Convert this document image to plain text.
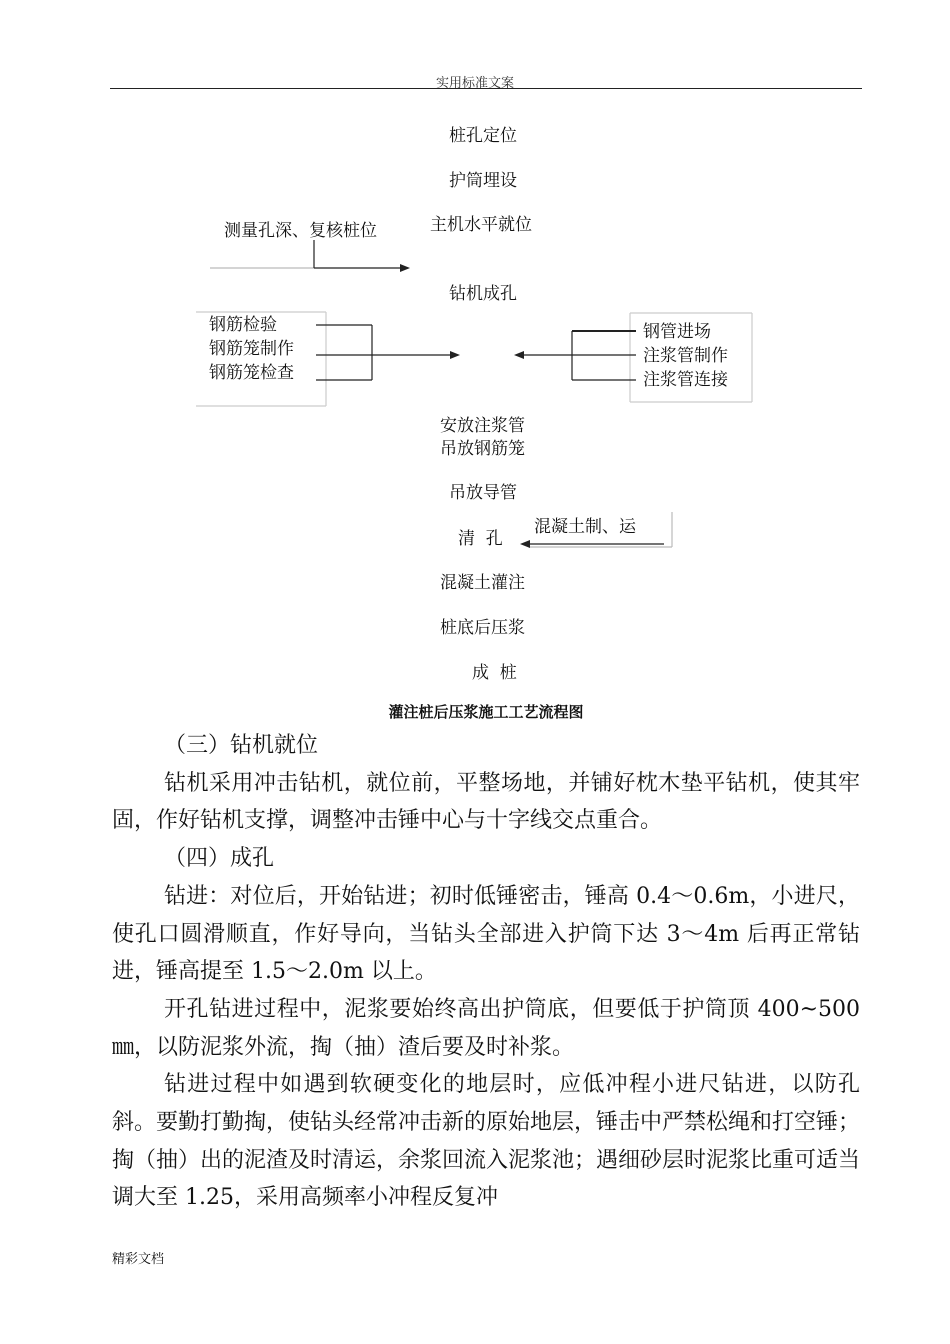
实用标准文案
桩孔定位
护筒埋设
主机水平就位
钻机成孔
安放注浆管
吊放钢筋笼
吊放导管
清  孔
混凝土灌注
桩底后压浆
成  桩
测量孔深、复核桩位
钢筋检验
钢筋笼制作
钢筋笼检查
钢管进场
注浆管制作
注浆管连接
混凝土制、运
灌注桩后压浆施工工艺流程图

（三）钻机就位

钻机采用冲击钻机，就位前，平整场地，并铺好枕木垫平钻机，使其牢固，作好钻机支撑，调整冲击锤中心与十字线交点重合。

（四）成孔

钻进：对位后，开始钻进；初时低锤密击，锤高 0.4～0.6m，小进尺，使孔口圆滑顺直，作好导向，当钻头全部进入护筒下达 3～4m 后再正常钻进，锤高提至 1.5～2.0m 以上。

开孔钻进过程中，泥浆要始终高出护筒底，但要低于护筒顶 400~500 ㎜，以防泥浆外流，掏（抽）渣后要及时补浆。

钻进过程中如遇到软硬变化的地层时，应低冲程小进尺钻进，以防孔斜。要勤打勤掏，使钻头经常冲击新的原始地层，锤击中严禁松绳和打空锤；掏（抽）出的泥渣及时清运，余浆回流入泥浆池；遇细砂层时泥浆比重可适当调大至 1.25，采用高频率小冲程反复冲

精彩文档
